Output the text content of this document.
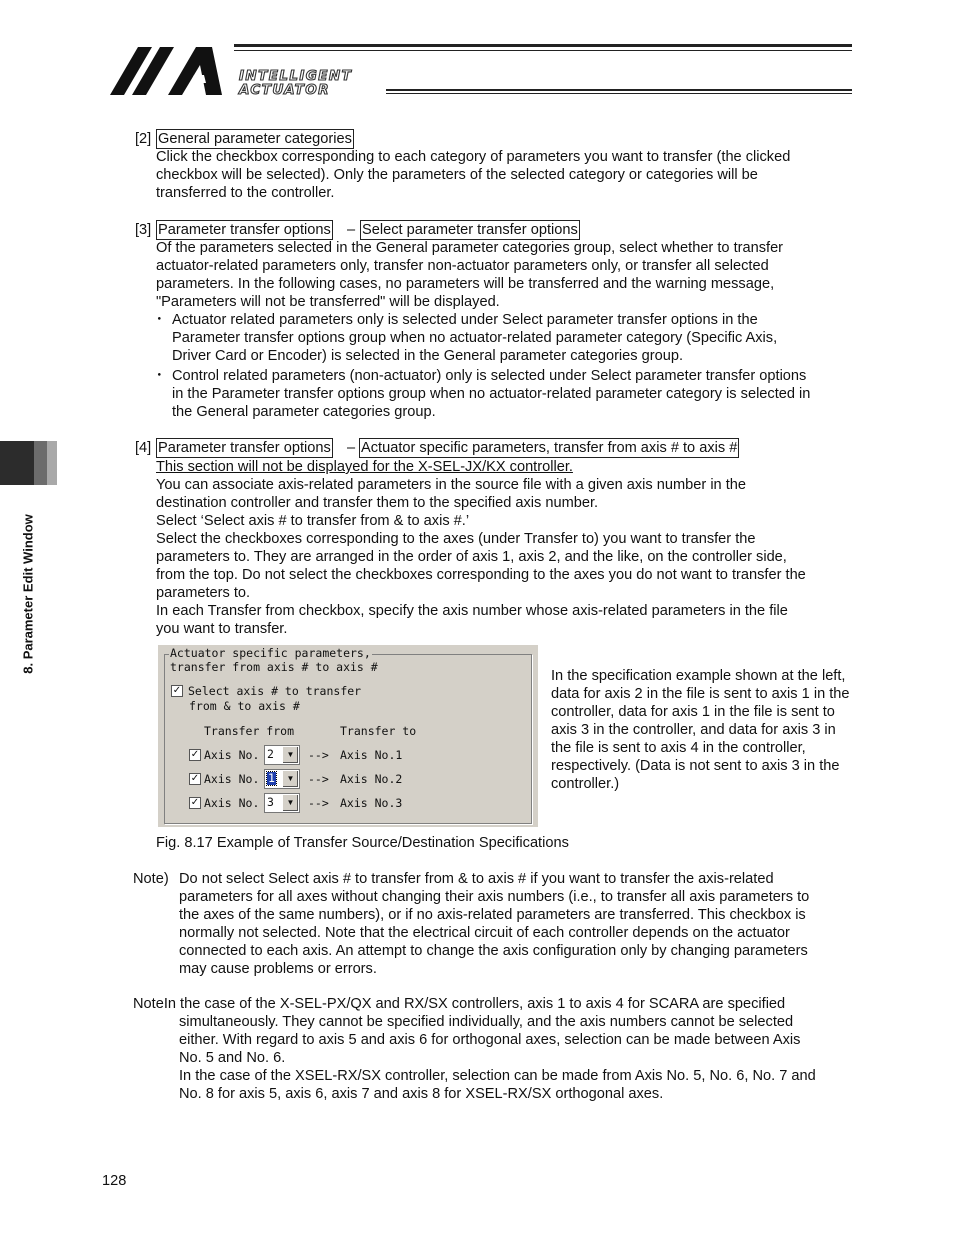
INTELLIGENT
ACTUATOR
8. Parameter Edit Window
[2] General parameter categories
Click the checkbox corresponding to each category of parameters you want to transfer (the clicked
checkbox will be selected). Only the parameters of the selected category or categories will be
transferred to the controller.
[3] Parameter transfer options – Select parameter transfer options
Of the parameters selected in the General parameter categories group, select whether to transfer
actuator-related parameters only, transfer non-actuator parameters only, or transfer all selected
parameters. In the following cases, no parameters will be transferred and the warning message,
"Parameters will not be transferred" will be displayed.
・ Actuator related parameters only is selected under Select parameter transfer options in the
Parameter transfer options group when no actuator-related parameter category (Specific Axis,
Driver Card or Encoder) is selected in the General parameter categories group.
・ Control related parameters (non-actuator) only is selected under Select parameter transfer options
in the Parameter transfer options group when no actuator-related parameter category is selected in
the General parameter categories group.
[4] Parameter transfer options – Actuator specific parameters, transfer from axis # to axis #
This section will not be displayed for the X-SEL-JX/KX controller.
You can associate axis-related parameters in the source file with a given axis number in the
destination controller and transfer them to the specified axis number.
Select ‘Select axis # to transfer from & to axis #.’
Select the checkboxes corresponding to the axes (under Transfer to) you want to transfer the
parameters to. They are arranged in the order of axis 1, axis 2, and the like, on the controller side,
from the top. Do not select the checkboxes corresponding to the axes you do not want to transfer the
parameters to.
In each Transfer from checkbox, specify the axis number whose axis-related parameters in the file
you want to transfer.
Actuator specific parameters,
transfer from axis # to axis #
✓ Select axis # to transfer
from & to axis #
Transfer from	Transfer to
✓ Axis No. 2	▼	--> Axis No.1
✓ Axis No. 1	▼	--> Axis No.2
✓ Axis No. 3	▼	--> Axis No.3
In the specification example shown at the left,
data for axis 2 in the file is sent to axis 1 in the
controller, data for axis 1 in the file is sent to
axis 3 in the controller, and data for axis 3 in
the file is sent to axis 4 in the controller,
respectively. (Data is not sent to axis 3 in the
controller.)
Fig. 8.17 Example of Transfer Source/Destination Specifications
Note) Do not select Select axis # to transfer from & to axis # if you want to transfer the axis-related
parameters for all axes without changing their axis numbers (i.e., to transfer all axis parameters to
the axes of the same numbers), or if no axis-related parameters are transferred. This checkbox is
normally not selected. Note that the electrical circuit of each controller depends on the actuator
connected to each axis. An attempt to change the axis configuration only by changing parameters
may cause problems or errors.
NoteIn the case of the X-SEL-PX/QX and RX/SX controllers, axis 1 to axis 4 for SCARA are specified
simultaneously. They cannot be specified individually, and the axis numbers cannot be selected
either. With regard to axis 5 and axis 6 for orthogonal axes, selection can be made between Axis
No. 5 and No. 6.
In the case of the XSEL-RX/SX controller, selection can be made from Axis No. 5, No. 6, No. 7 and
No. 8 for axis 5, axis 6, axis 7 and axis 8 for XSEL-RX/SX orthogonal axes.
128
